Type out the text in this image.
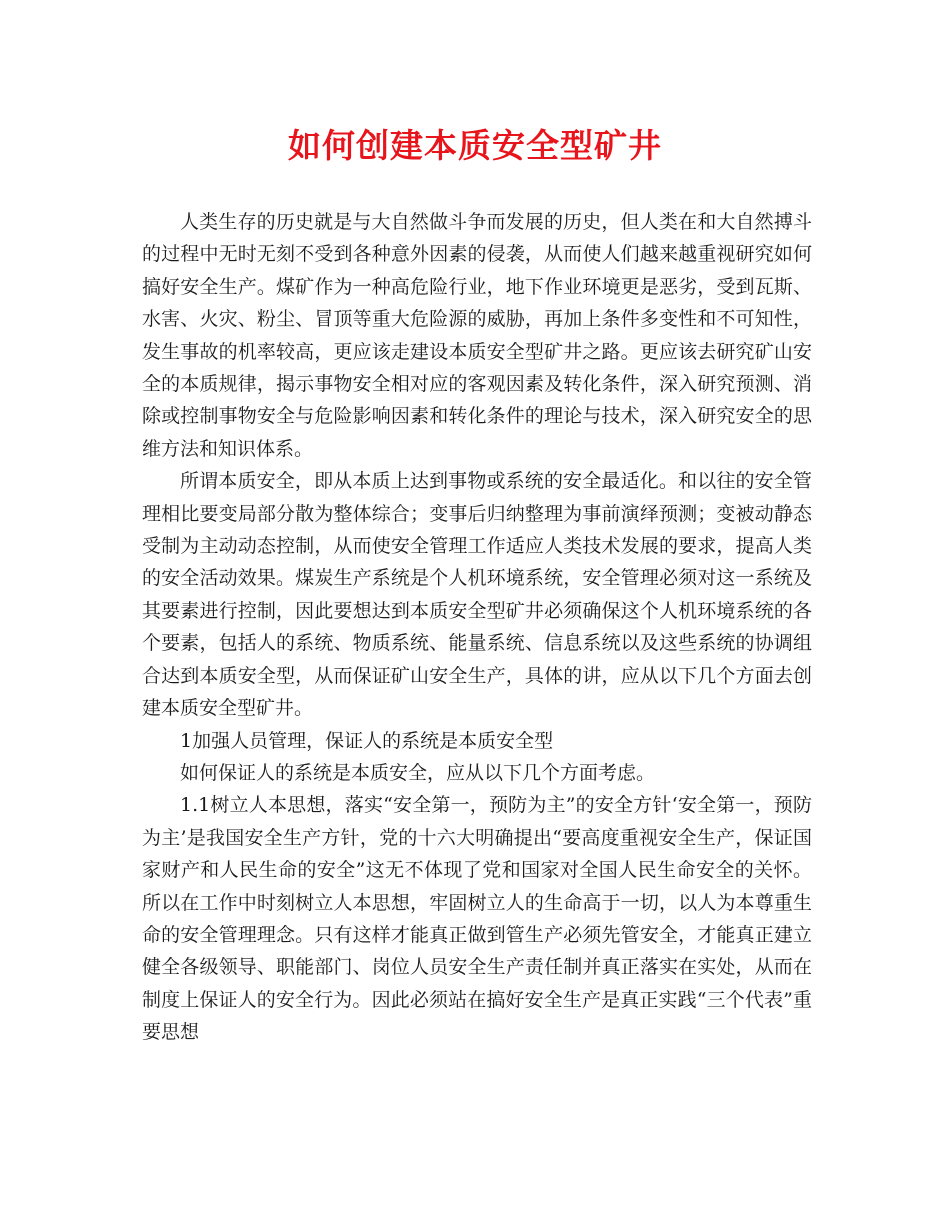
如何创建本质安全型矿井

人类生存的历史就是与大自然做斗争而发展的历史，但人类在和大自然搏斗的过程中无时无刻不受到各种意外因素的侵袭，从而使人们越来越重视研究如何搞好安全生产。煤矿作为一种高危险行业，地下作业环境更是恶劣，受到瓦斯、水害、火灾、粉尘、冒顶等重大危险源的威胁，再加上条件多变性和不可知性，发生事故的机率较高，更应该走建设本质安全型矿井之路。更应该去研究矿山安全的本质规律，揭示事物安全相对应的客观因素及转化条件，深入研究预测、消除或控制事物安全与危险影响因素和转化条件的理论与技术，深入研究安全的思维方法和知识体系。

所谓本质安全，即从本质上达到事物或系统的安全最适化。和以往的安全管理相比要变局部分散为整体综合；变事后归纳整理为事前演绎预测；变被动静态受制为主动动态控制，从而使安全管理工作适应人类技术发展的要求，提高人类的安全活动效果。煤炭生产系统是个人机环境系统，安全管理必须对这一系统及其要素进行控制，因此要想达到本质安全型矿井必须确保这个人机环境系统的各个要素，包括人的系统、物质系统、能量系统、信息系统以及这些系统的协调组合达到本质安全型，从而保证矿山安全生产，具体的讲，应从以下几个方面去创建本质安全型矿井。

1加强人员管理，保证人的系统是本质安全型

如何保证人的系统是本质安全，应从以下几个方面考虑。

1.1树立人本思想，落实“安全第一，预防为主”的安全方针‘安全第一，预防为主’是我国安全生产方针，党的十六大明确提出“要高度重视安全生产，保证国家财产和人民生命的安全”这无不体现了党和国家对全国人民生命安全的关怀。所以在工作中时刻树立人本思想，牢固树立人的生命高于一切，以人为本尊重生命的安全管理理念。只有这样才能真正做到管生产必须先管安全，才能真正建立健全各级领导、职能部门、岗位人员安全生产责任制并真正落实在实处，从而在制度上保证人的安全行为。因此必须站在搞好安全生产是真正实践“三个代表”重要思想
